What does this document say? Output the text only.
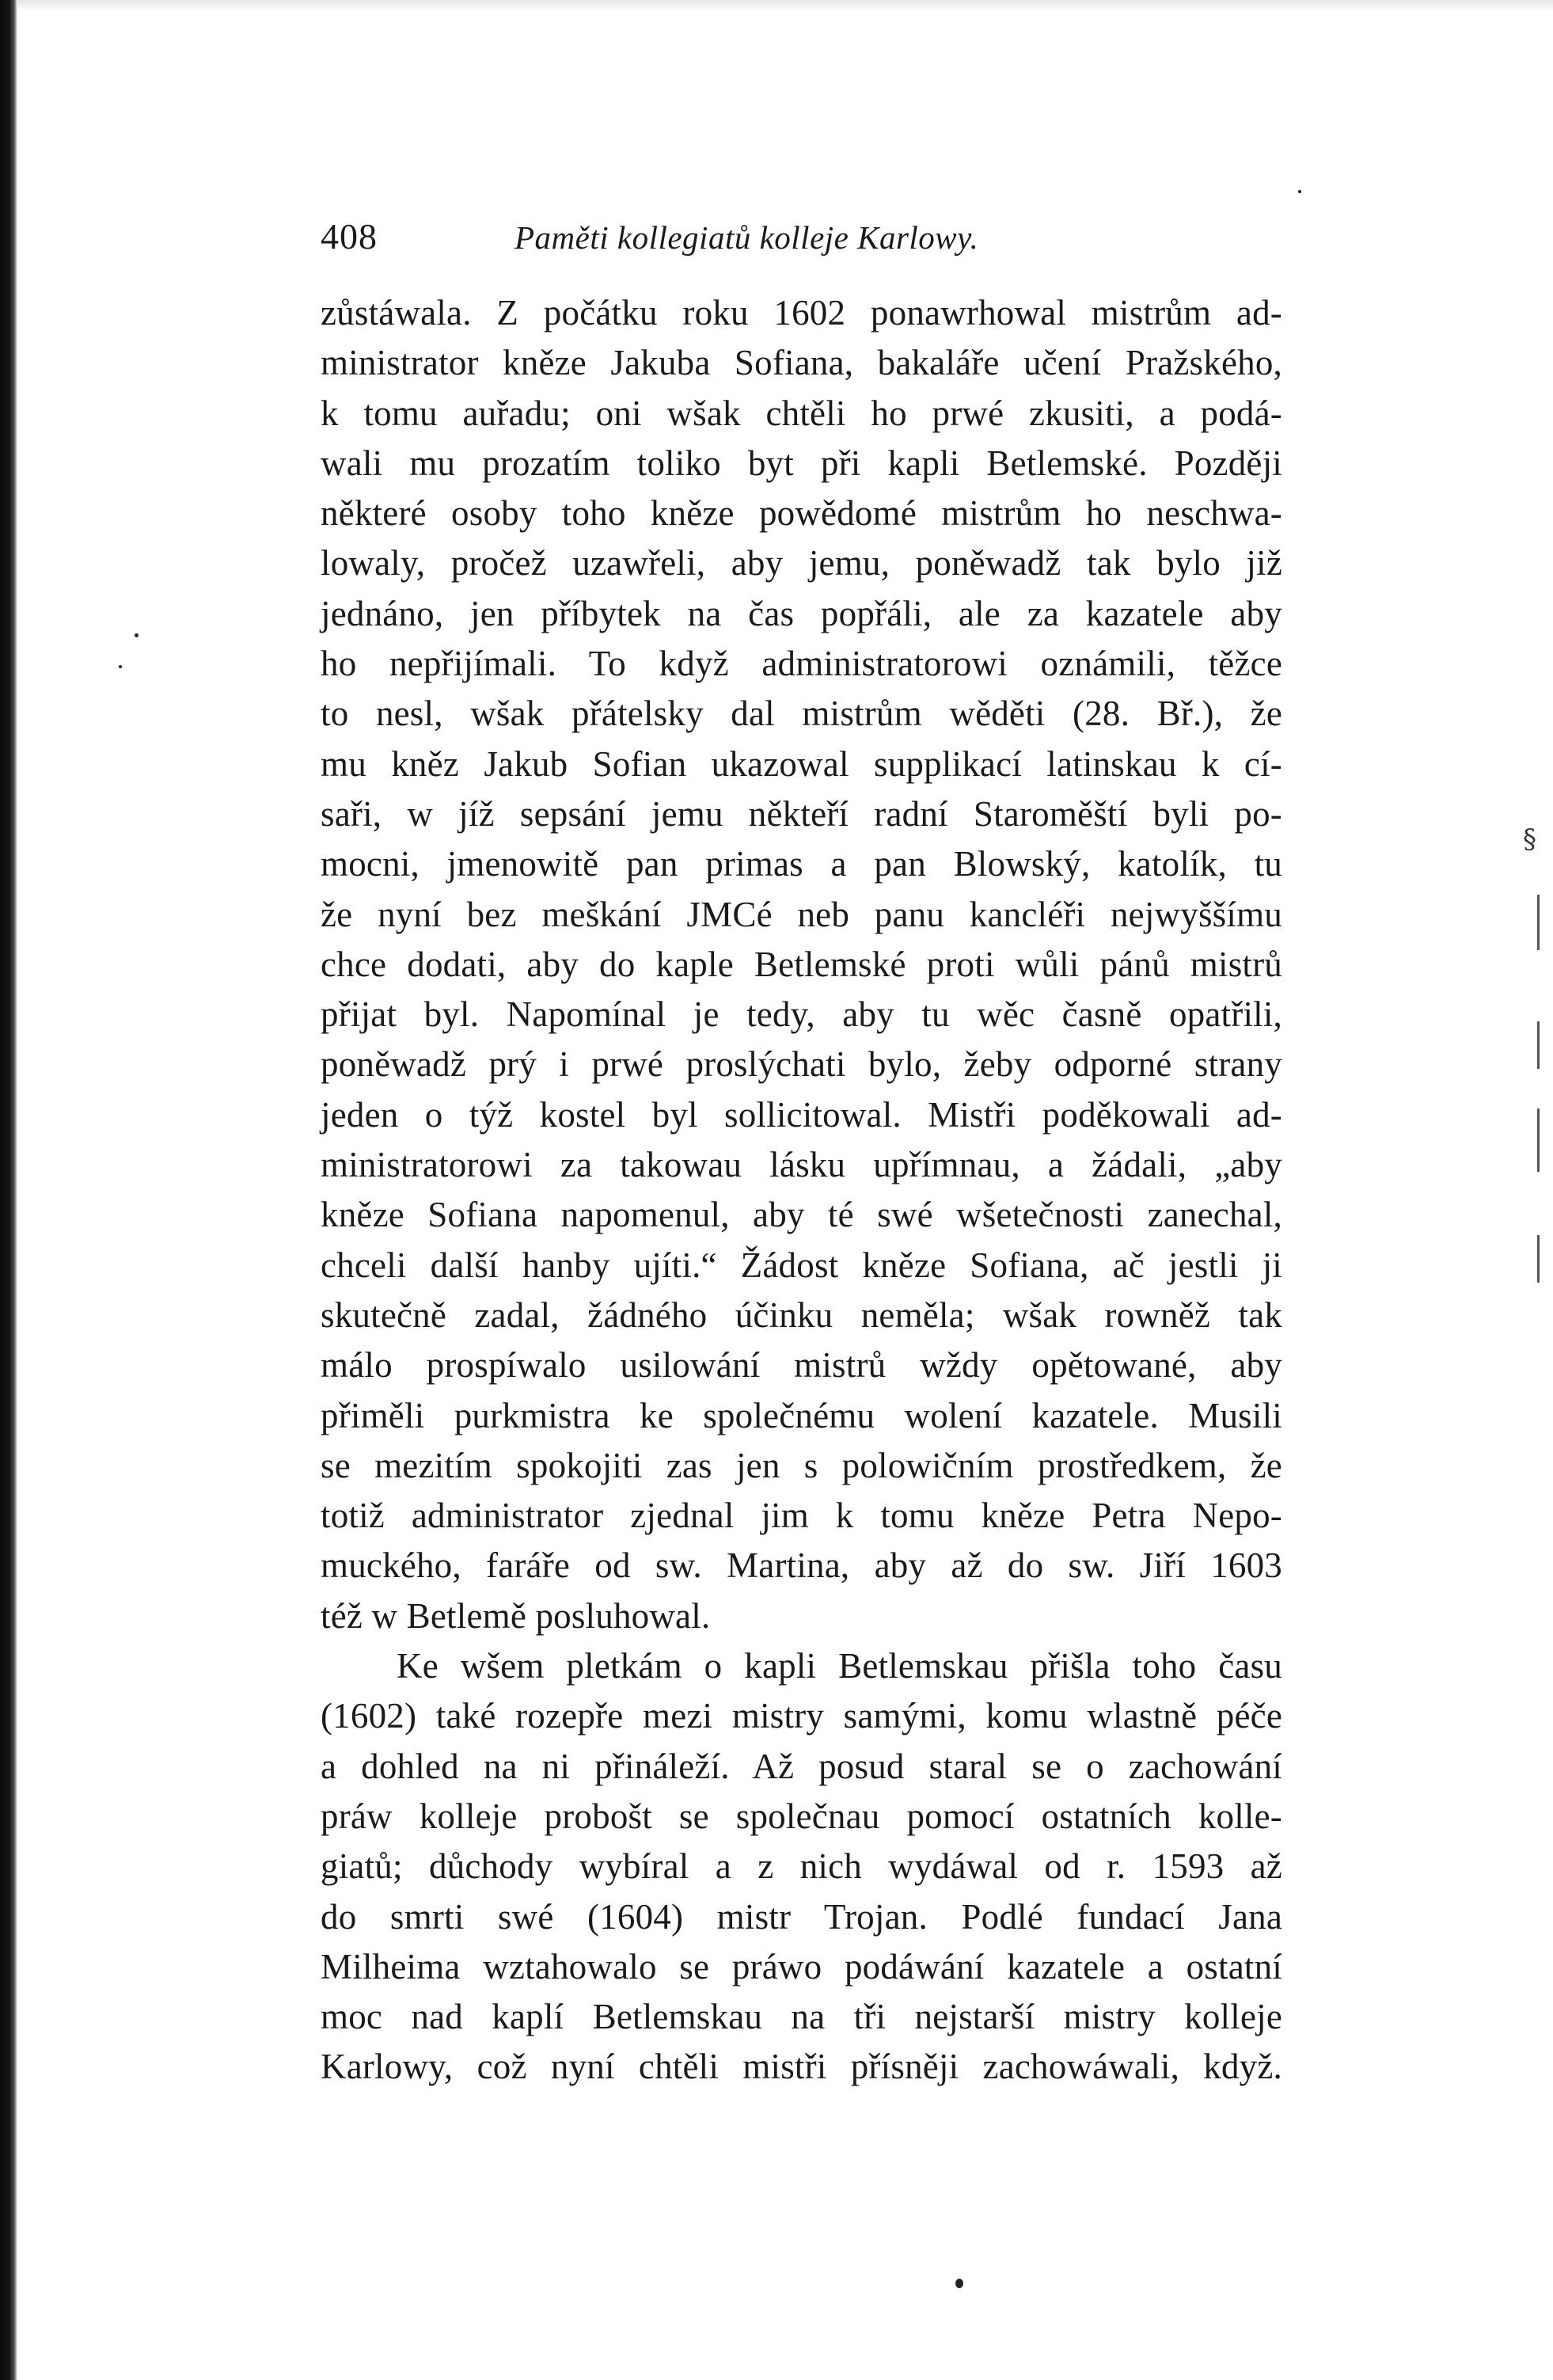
§
408	Paměti kollegiatů kolleje Karlowy.
zůstáwala. Z počátku roku 1602 ponawrhowal mistrům ad-
ministrator kněze Jakuba Sofiana, bakaláře učení Pražského,
k tomu auřadu; oni wšak chtěli ho prwé zkusiti, a podá-
wali mu prozatím toliko byt při kapli Betlemské. Později
některé osoby toho kněze powědomé mistrům ho neschwa-
lowaly, pročež uzawřeli, aby jemu, poněwadž tak bylo již
jednáno, jen příbytek na čas popřáli, ale za kazatele aby
ho nepřijímali. To když administratorowi oznámili, těžce
to nesl, wšak přátelsky dal mistrům wěděti (28. Bř.), že
mu kněz Jakub Sofian ukazowal supplikací latinskau k cí-
saři, w jíž sepsání jemu někteří radní Staroměští byli po-
mocni, jmenowitě pan primas a pan Blowský, katolík, tu
že nyní bez meškání JMCé neb panu kancléři nejwyššímu
chce dodati, aby do kaple Betlemské proti wůli pánů mistrů
přijat byl. Napomínal je tedy, aby tu wěc časně opatřili,
poněwadž prý i prwé proslýchati bylo, žeby odporné strany
jeden o týž kostel byl sollicitowal. Mistři poděkowali ad-
ministratorowi za takowau lásku upřímnau, a žádali, „aby
kněze Sofiana napomenul, aby té swé wšetečnosti zanechal,
chceli další hanby ujíti.“ Žádost kněze Sofiana, ač jestli ji
skutečně zadal, žádného účinku neměla; wšak rowněž tak
málo prospíwalo usilowání mistrů wždy opětowané, aby
přiměli purkmistra ke společnému wolení kazatele. Musili
se mezitím spokojiti zas jen s polowičním prostředkem, že
totiž administrator zjednal jim k tomu kněze Petra Nepo-
muckého, faráře od sw. Martina, aby až do sw. Jiří 1603
též w Betlemě posluhowal.
Ke wšem pletkám o kapli Betlemskau přišla toho času
(1602) také rozepře mezi mistry samými, komu wlastně péče
a dohled na ni přináleží. Až posud staral se o zachowání
práw kolleje probošt se společnau pomocí ostatních kolle-
giatů; důchody wybíral a z nich wydáwal od r. 1593 až
do smrti swé (1604) mistr Trojan. Podlé fundací Jana
Milheima wztahowalo se práwo podáwání kazatele a ostatní
moc nad kaplí Betlemskau na tři nejstarší mistry kolleje
Karlowy, což nyní chtěli mistři přísněji zachowáwali, když.
